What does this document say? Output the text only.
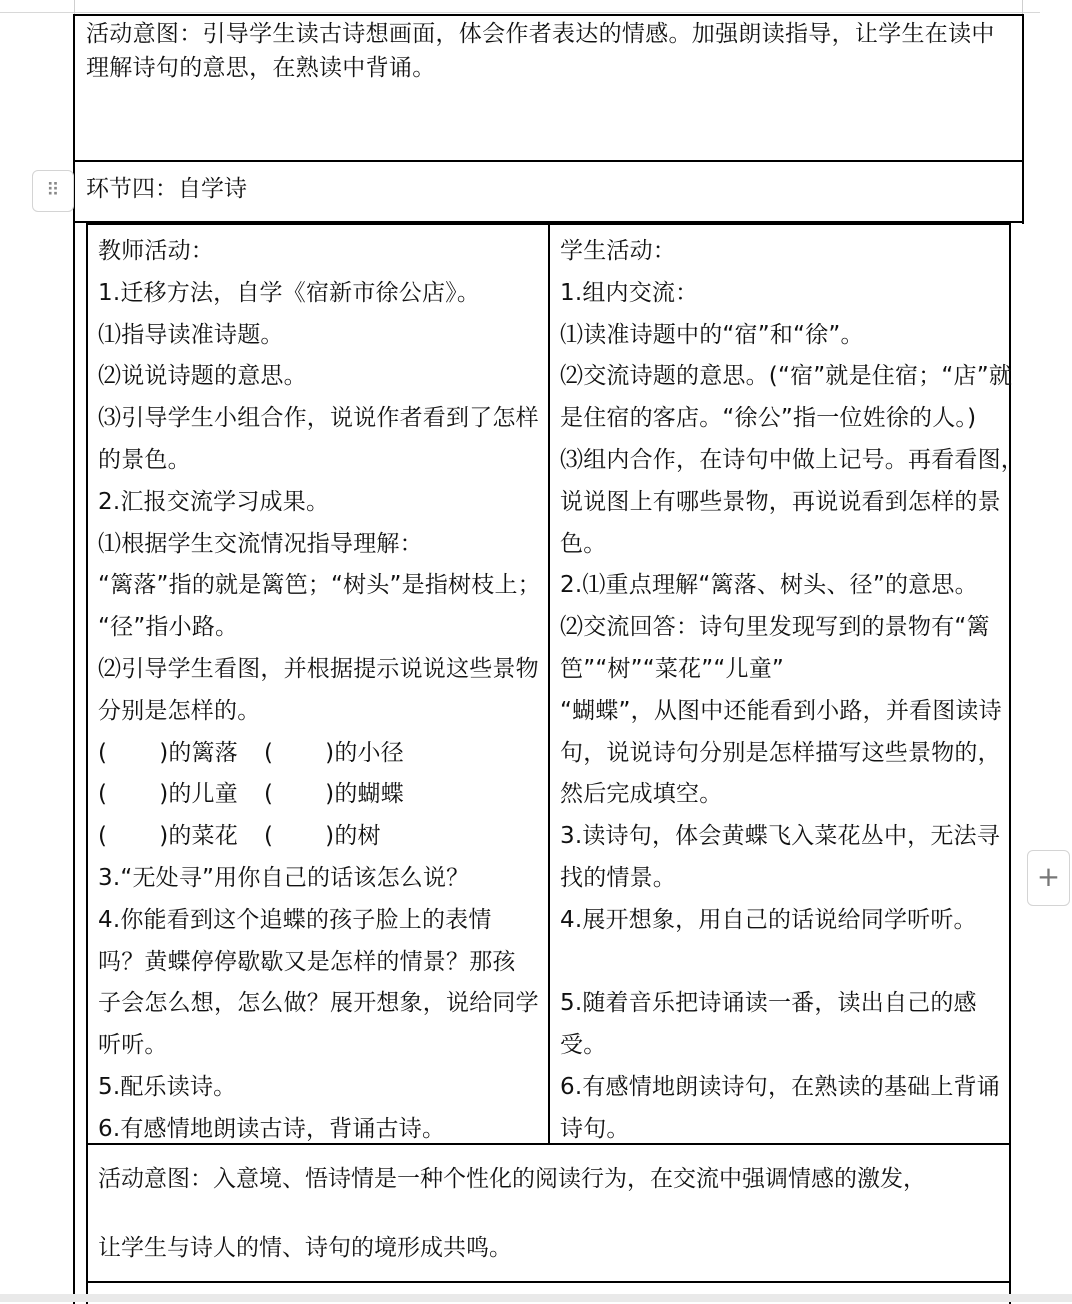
活动意图：引导学生读古诗想画面，体会作者表达的情感。加强朗读指导，让学生在读中理解诗句的意思，在熟读中背诵。
⠿	环节四：自学诗
教师活动：
1.迁移方法，自学《宿新市徐公店》。
⑴指导读准诗题。
⑵说说诗题的意思。
⑶引导学生小组合作，说说作者看到了怎样
的景色。
2.汇报交流学习成果。
⑴根据学生交流情况指导理解：
“篱落”指的就是篱笆；“树头”是指树枝上；
“径”指小路。
⑵引导学生看图，并根据提示说说这些景物
分别是怎样的。
( )的篱落 ( )的小径
( )的儿童 ( )的蝴蝶
( )的菜花 ( )的树
3.“无处寻”用你自己的话该怎么说？
4.你能看到这个追蝶的孩子脸上的表情
吗？黄蝶停停歇歇又是怎样的情景？那孩
子会怎么想，怎么做？展开想象，说给同学
听听。
5.配乐读诗。
6.有感情地朗读古诗，背诵古诗。
学生活动：
1.组内交流：
⑴读准诗题中的“宿”和“徐”。
⑵交流诗题的意思。(“宿”就是住宿；“店”就
是住宿的客店。“徐公”指一位姓徐的人。)
⑶组内合作，在诗句中做上记号。再看看图，
说说图上有哪些景物，再说说看到怎样的景
色。
2.⑴重点理解“篱落、树头、径”的意思。
⑵交流回答：诗句里发现写到的景物有“篱
笆”“树”“菜花”“儿童”
“蝴蝶”，从图中还能看到小路，并看图读诗
句，说说诗句分别是怎样描写这些景物的，
然后完成填空。
3.读诗句，体会黄蝶飞入菜花丛中，无法寻
找的情景。
4.展开想象，用自己的话说给同学听听。
5.随着音乐把诗诵读一番，读出自己的感
受。
6.有感情地朗读诗句，在熟读的基础上背诵
诗句。
活动意图：入意境、悟诗情是一种个性化的阅读行为，在交流中强调情感的激发，
让学生与诗人的情、诗句的境形成共鸣。
+
